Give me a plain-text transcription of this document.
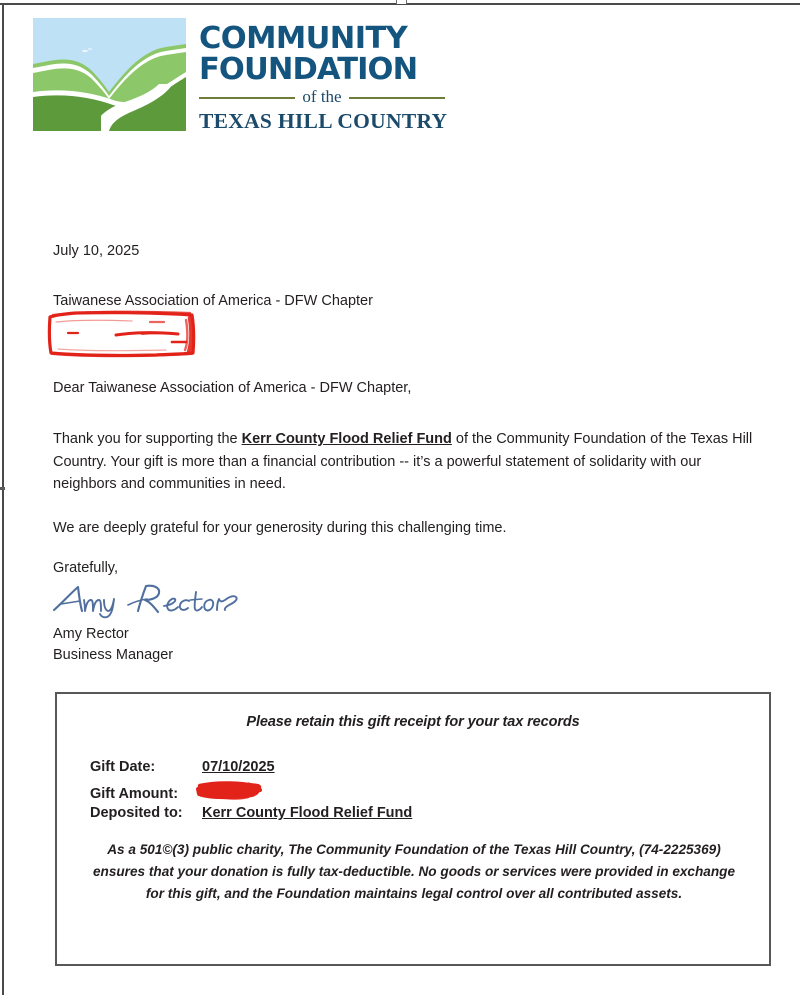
COMMUNITY
FOUNDATION
of the
TEXAS HILL COUNTRY
July 10, 2025
Taiwanese Association of America - DFW Chapter
Dear Taiwanese Association of America - DFW Chapter,
Thank you for supporting the Kerr County Flood Relief Fund of the Community Foundation of the Texas Hill Country. Your gift is more than a financial contribution -- it’s a powerful statement of solidarity with our neighbors and communities in need.
We are deeply grateful for your generosity during this challenging time.
Gratefully,
Amy Rector
Business Manager
Please retain this gift receipt for your tax records
Gift Date:	07/10/2025
Gift Amount:
Deposited to:	Kerr County Flood Relief Fund
As a 501©(3) public charity, The Community Foundation of the Texas Hill Country, (74-2225369)
ensures that your donation is fully tax-deductible. No goods or services were provided in exchange
for this gift, and the Foundation maintains legal control over all contributed assets.
